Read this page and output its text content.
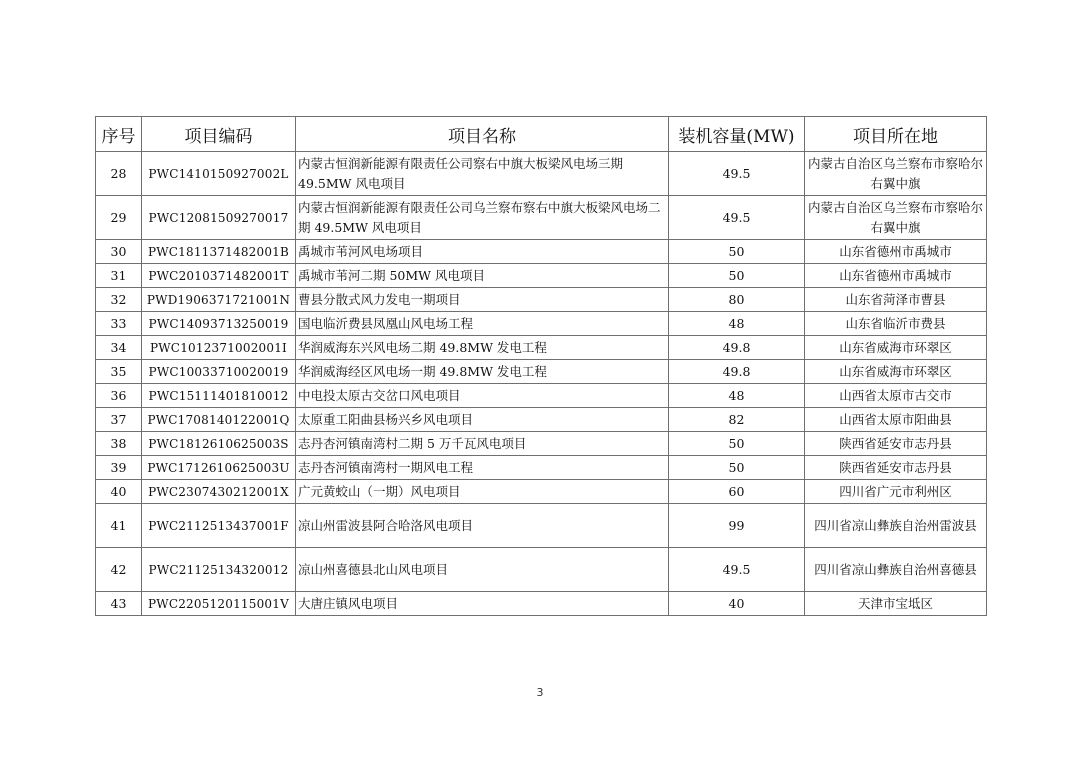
序号	项目编码	项目名称	装机容量(MW)	项目所在地
28	PWC1410150927002L	内蒙古恒润新能源有限责任公司察右中旗大板梁风电场三期49.5MW 风电项目	49.5	内蒙古自治区乌兰察布市察哈尔右翼中旗
29	PWC12081509270017	内蒙古恒润新能源有限责任公司乌兰察布察右中旗大板梁风电场二期 49.5MW 风电项目	49.5	内蒙古自治区乌兰察布市察哈尔右翼中旗
30	PWC1811371482001B	禹城市苇河风电场项目	50	山东省德州市禹城市
31	PWC2010371482001T	禹城市苇河二期 50MW 风电项目	50	山东省德州市禹城市
32	PWD1906371721001N	曹县分散式风力发电一期项目	80	山东省菏泽市曹县
33	PWC14093713250019	国电临沂费县凤凰山风电场工程	48	山东省临沂市费县
34	PWC1012371002001I	华润威海东兴风电场二期 49.8MW 发电工程	49.8	山东省威海市环翠区
35	PWC10033710020019	华润威海经区风电场一期 49.8MW 发电工程	49.8	山东省威海市环翠区
36	PWC15111401810012	中电投太原古交岔口风电项目	48	山西省太原市古交市
37	PWC1708140122001Q	太原重工阳曲县杨兴乡风电项目	82	山西省太原市阳曲县
38	PWC1812610625003S	志丹杏河镇南湾村二期 5 万千瓦风电项目	50	陕西省延安市志丹县
39	PWC1712610625003U	志丹杏河镇南湾村一期风电工程	50	陕西省延安市志丹县
40	PWC2307430212001X	广元黄蛟山（一期）风电项目	60	四川省广元市利州区
41	PWC2112513437001F	凉山州雷波县阿合哈洛风电项目	99	四川省凉山彝族自治州雷波县
42	PWC21125134320012	凉山州喜德县北山风电项目	49.5	四川省凉山彝族自治州喜德县
43	PWC2205120115001V	大唐庄镇风电项目	40	天津市宝坻区
3
